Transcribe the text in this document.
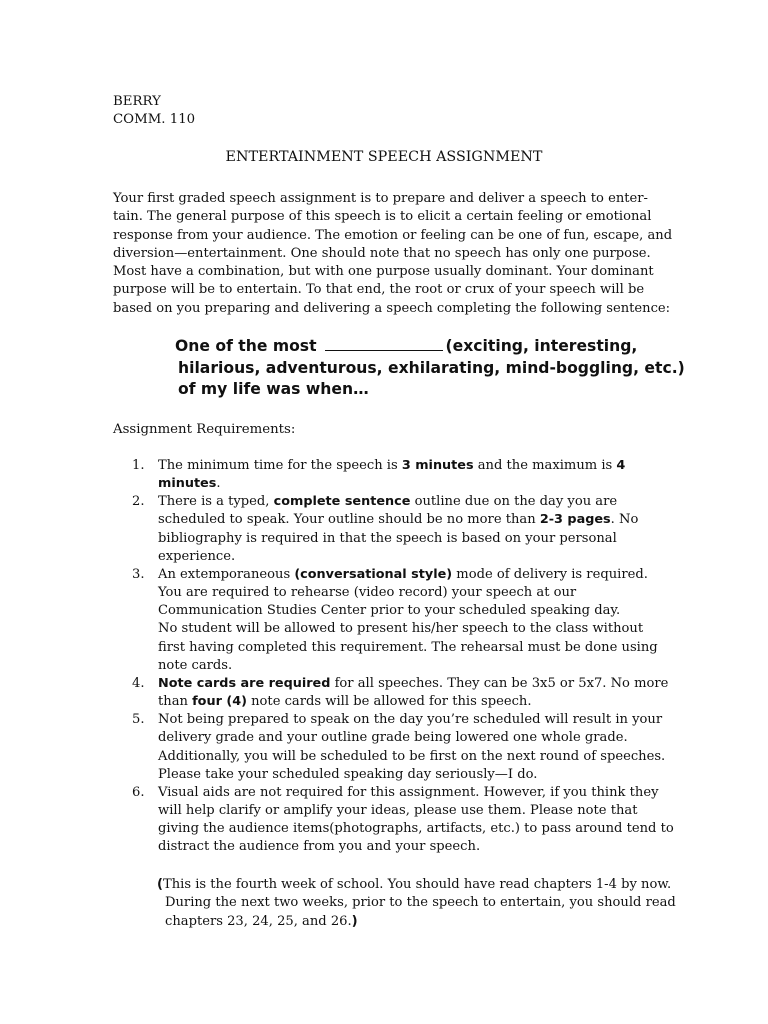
BERRY
COMM. 110
ENTERTAINMENT SPEECH ASSIGNMENT
Your first graded speech assignment is to prepare and deliver a speech to enter-
tain. The general purpose of this speech is to elicit a certain feeling or emotional
response from your audience. The emotion or feeling can be one of fun, escape, and
diversion—entertainment. One should note that no speech has only one purpose.
Most have a combination, but with one purpose usually dominant. Your dominant
purpose will be to entertain. To that end, the root or crux of your speech will be
based on you preparing and delivering a speech completing the following sentence:
One of the most	(exciting, interesting,
hilarious, adventurous, exhilarating, mind-boggling, etc.)
of my life was when…
Assignment Requirements:
1. The minimum time for the speech is 3 minutes and the maximum is 4
minutes.
2. There is a typed, complete sentence outline due on the day you are
scheduled to speak. Your outline should be no more than 2-3 pages. No
bibliography is required in that the speech is based on your personal
experience.
3. An extemporaneous (conversational style) mode of delivery is required.
You are required to rehearse (video record) your speech at our
Communication Studies Center prior to your scheduled speaking day.
No student will be allowed to present his/her speech to the class without
first having completed this requirement. The rehearsal must be done using
note cards.
4. Note cards are required for all speeches. They can be 3x5 or 5x7. No more
than four (4) note cards will be allowed for this speech.
5. Not being prepared to speak on the day you’re scheduled will result in your
delivery grade and your outline grade being lowered one whole grade.
Additionally, you will be scheduled to be first on the next round of speeches.
Please take your scheduled speaking day seriously—I do.
6. Visual aids are not required for this assignment. However, if you think they
will help clarify or amplify your ideas, please use them. Please note that
giving the audience items(photographs, artifacts, etc.) to pass around tend to
distract the audience from you and your speech.
(This is the fourth week of school. You should have read chapters 1-4 by now.
During the next two weeks, prior to the speech to entertain, you should read
chapters 23, 24, 25, and 26.)
